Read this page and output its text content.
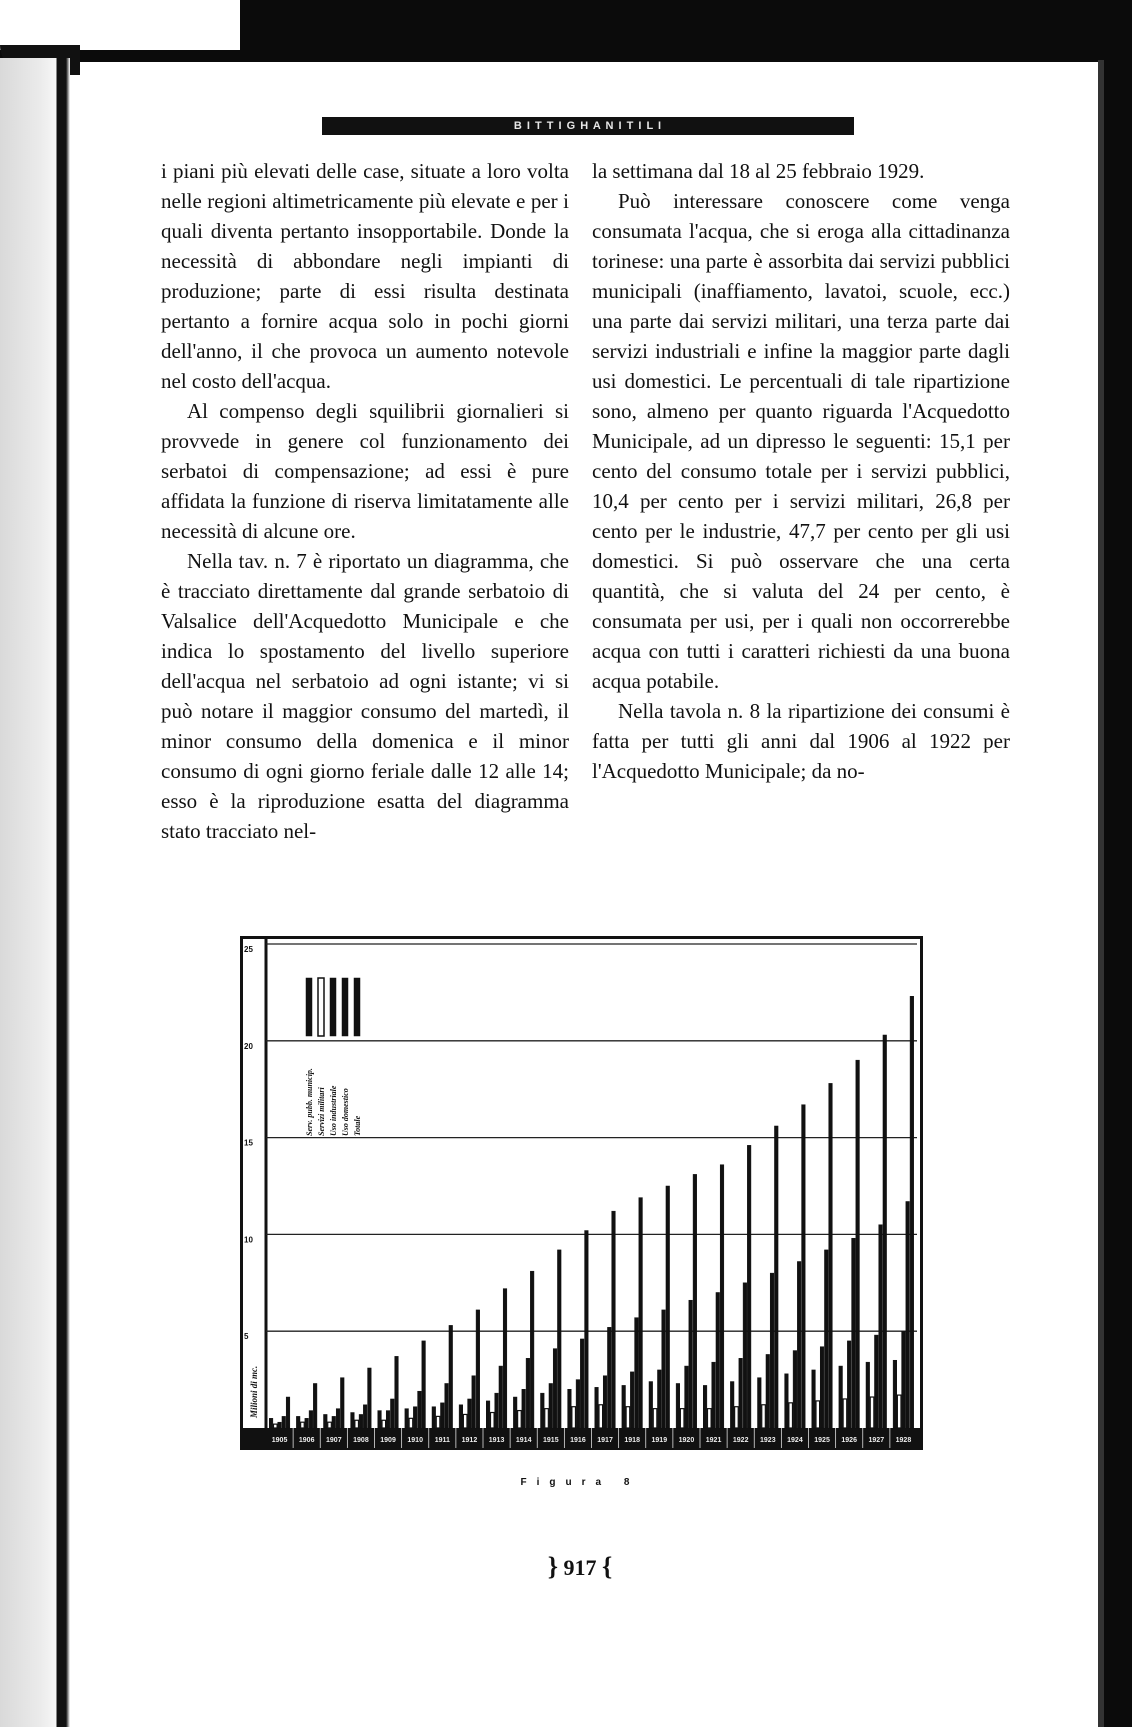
B I T T I G H A N I T I L I

i piani più elevati delle case, situate a loro volta nelle regioni altimetricamente più elevate e per i quali diventa pertanto insopportabile. Donde la necessità di abbondare negli impianti di produzione; parte di essi risulta destinata pertanto a fornire acqua solo in pochi giorni dell'anno, il che provoca un aumento notevole nel costo dell'acqua.

Al compenso degli squilibrii giornalieri si provvede in genere col funzionamento dei serbatoi di compensazione; ad essi è pure affidata la funzione di riserva limitatamente alle necessità di alcune ore.

Nella tav. n. 7 è riportato un diagramma, che è tracciato direttamente dal grande serbatoio di Valsalice dell'Acquedotto Municipale e che indica lo spostamento del livello superiore dell'acqua nel serbatoio ad ogni istante; vi si può notare il maggior consumo del martedì, il minor consumo della domenica e il minor consumo di ogni giorno feriale dalle 12 alle 14; esso è la riproduzione esatta del diagramma stato tracciato nel-

la settimana dal 18 al 25 febbraio 1929.

Può interessare conoscere come venga consumata l'acqua, che si eroga alla cittadinanza torinese: una parte è assorbita dai servizi pubblici municipali (inaffiamento, lavatoi, scuole, ecc.) una parte dai servizi militari, una terza parte dai servizi industriali e infine la maggior parte dagli usi domestici. Le percentuali di tale ripartizione sono, almeno per quanto riguarda l'Acquedotto Municipale, ad un dipresso le seguenti: 15,1 per cento del consumo totale per i servizi pubblici, 10,4 per cento per i servizi militari, 26,8 per cento per le industrie, 47,7 per cento per gli usi domestici. Si può osservare che una certa quantità, che si valuta del 24 per cento, è consumata per usi, per i quali non occorrerebbe acqua con tutti i caratteri richiesti da una buona acqua potabile.

Nella tavola n. 8 la ripartizione dei consumi è fatta per tutti gli anni dal 1906 al 1922 per l'Acquedotto Municipale; da no-

5
10
15
20
25
Milioni di mc.
1905 1906 1907 1908 1909 1910 1911 1912 1913 1914 1915 1916 1917 1918 1919 1920 1921 1922 1923 1924 1925 1926 1927 1928
Serv. pubb. municip. Servizi militari Uso industriale Uso domestico Totale
Figura 8
} 917 {
